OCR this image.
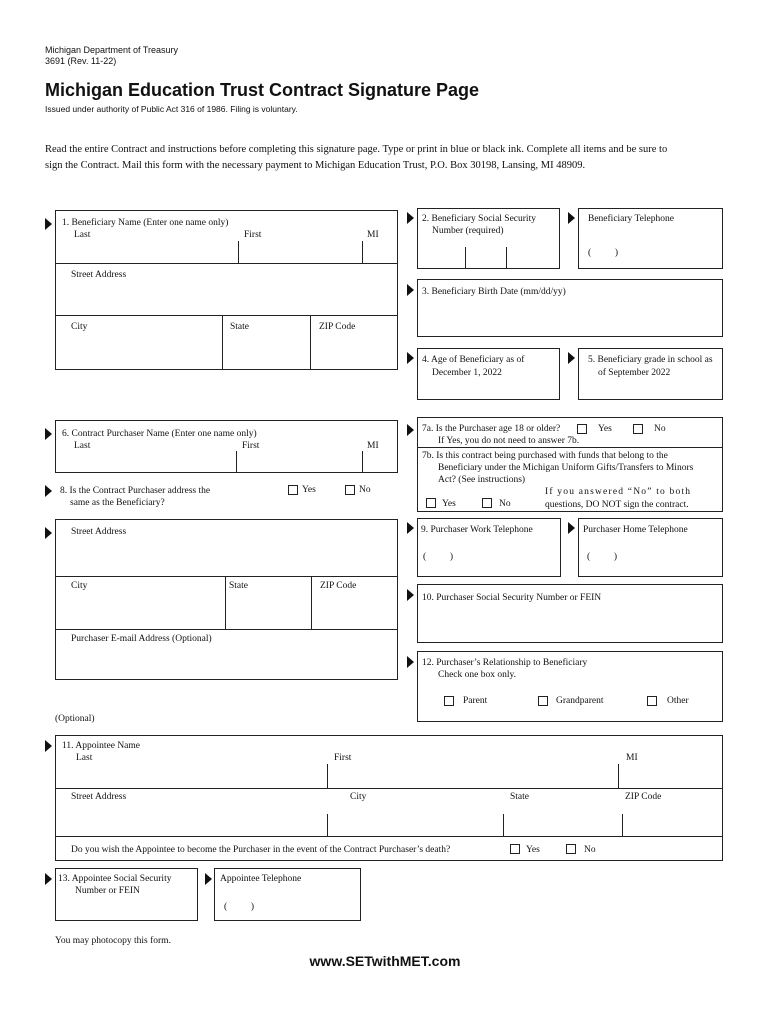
Michigan Department of Treasury
3691 (Rev. 11-22)
Michigan Education Trust Contract Signature Page
Issued under authority of Public Act 316 of 1986. Filing is voluntary.
Read the entire Contract and instructions before completing this signature page. Type or print in blue or black ink. Complete all items and be sure to
sign the Contract. Mail this form with the necessary payment to Michigan Education Trust, P.O. Box 30198, Lansing, MI 48909.
1. Beneficiary Name (Enter one name only)
Last	First	MI
Street Address
City	State	ZIP Code
2. Beneficiary Social Security
Number (required)
Beneficiary Telephone
(          )
3. Beneficiary Birth Date (mm/dd/yy)
4. Age of Beneficiary as of
December 1, 2022
5. Beneficiary grade in school as
of September 2022
6. Contract Purchaser Name (Enter one name only)
Last	First	MI
8. Is the Contract Purchaser address the
same as the Beneficiary?
Yes	No
7a. Is the Purchaser age 18 or older?	Yes	No
If Yes, you do not need to answer 7b.
7b. Is this contract being purchased with funds that belong to the
Beneficiary under the Michigan Uniform Gifts/Transfers to Minors
Act? (See instructions)
Yes	No
If you answered “No” to both
questions, DO NOT sign the contract.
Street Address
City	State	ZIP Code
Purchaser E-mail Address (Optional)
9. Purchaser Work Telephone
(          )
Purchaser Home Telephone
(          )
10. Purchaser Social Security Number or FEIN
12. Purchaser’s Relationship to Beneficiary
Check one box only.
Parent	Grandparent	Other
(Optional)
11. Appointee Name
Last	First	MI
Street Address	City	State	ZIP Code
Do you wish the Appointee to become the Purchaser in the event of the Contract Purchaser’s death?	Yes	No
13. Appointee Social Security
Number or FEIN
Appointee Telephone
(          )
You may photocopy this form.
www.SETwithMET.com
